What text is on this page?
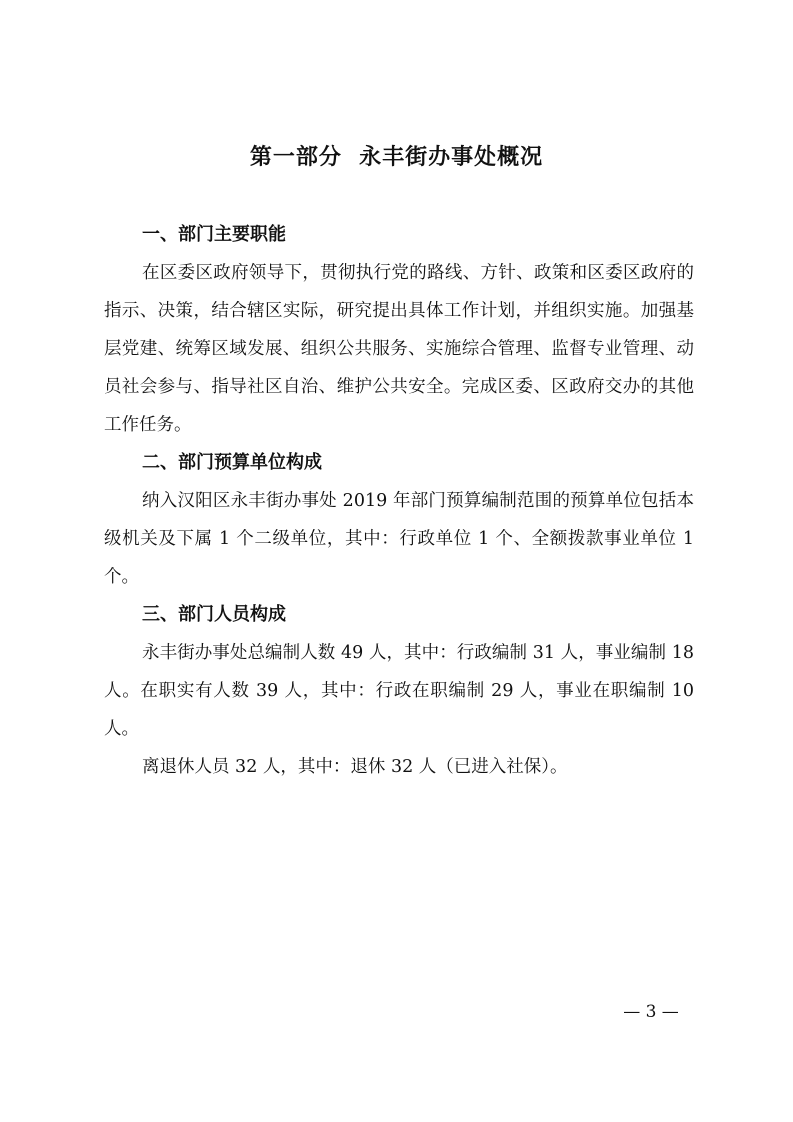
第一部分  永丰街办事处概况

一、部门主要职能

在区委区政府领导下，贯彻执行党的路线、方针、政策和区委区政府的指示、决策，结合辖区实际，研究提出具体工作计划，并组织实施。加强基层党建、统筹区域发展、组织公共服务、实施综合管理、监督专业管理、动员社会参与、指导社区自治、维护公共安全。完成区委、区政府交办的其他工作任务。

二、部门预算单位构成

纳入汉阳区永丰街办事处 2019 年部门预算编制范围的预算单位包括本级机关及下属 1 个二级单位，其中：行政单位 1 个、全额拨款事业单位 1 个。

三、部门人员构成

永丰街办事处总编制人数 49 人，其中：行政编制 31 人，事业编制 18 人。在职实有人数 39 人，其中：行政在职编制 29 人，事业在职编制 10 人。

离退休人员 32 人，其中：退休 32 人（已进入社保）。

— 3 —
